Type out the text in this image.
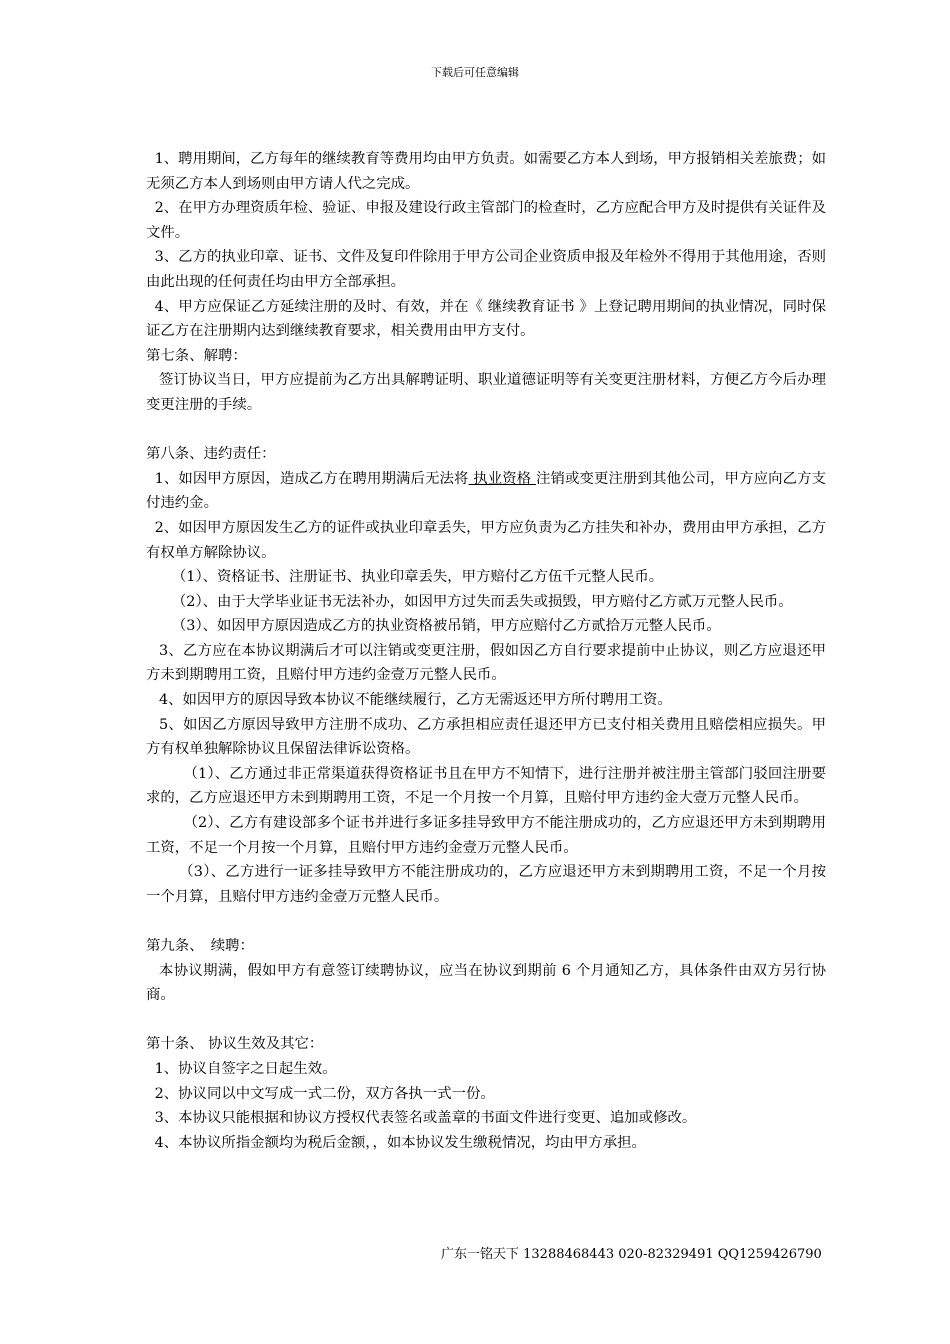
下载后可任意编辑

1、聘用期间，乙方每年的继续教育等费用均由甲方负责。如需要乙方本人到场，甲方报销相关差旅费；如无须乙方本人到场则由甲方请人代之完成。

2、在甲方办理资质年检、验证、申报及建设行政主管部门的检查时，乙方应配合甲方及时提供有关证件及文件。

3、乙方的执业印章、证书、文件及复印件除用于甲方公司企业资质申报及年检外不得用于其他用途，否则由此出现的任何责任均由甲方全部承担。

4、甲方应保证乙方延续注册的及时、有效，并在《 继续教育证书 》上登记聘用期间的执业情况，同时保证乙方在注册期内达到继续教育要求，相关费用由甲方支付。

第七条、解聘：

签订协议当日，甲方应提前为乙方出具解聘证明、职业道德证明等有关变更注册材料，方便乙方今后办理变更注册的手续。

第八条、违约责任：

1、如因甲方原因，造成乙方在聘用期满后无法将 执业资格 注销或变更注册到其他公司，甲方应向乙方支付违约金。

2、如因甲方原因发生乙方的证件或执业印章丢失，甲方应负责为乙方挂失和补办，费用由甲方承担，乙方有权单方解除协议。

（1）、资格证书、注册证书、执业印章丢失，甲方赔付乙方伍千元整人民币。

（2）、由于大学毕业证书无法补办，如因甲方过失而丢失或损毁，甲方赔付乙方贰万元整人民币。

（3）、如因甲方原因造成乙方的执业资格被吊销，甲方应赔付乙方贰拾万元整人民币。

3、乙方应在本协议期满后才可以注销或变更注册，假如因乙方自行要求提前中止协议，则乙方应退还甲方未到期聘用工资，且赔付甲方违约金壹万元整人民币。

4、如因甲方的原因导致本协议不能继续履行，乙方无需返还甲方所付聘用工资。

5、如因乙方原因导致甲方注册不成功、乙方承担相应责任退还甲方已支付相关费用且赔偿相应损失。甲方有权单独解除协议且保留法律诉讼资格。

（1）、乙方通过非正常渠道获得资格证书且在甲方不知情下，进行注册并被注册主管部门驳回注册要求的，乙方应退还甲方未到期聘用工资，不足一个月按一个月算，且赔付甲方违约金大壹万元整人民币。

（2）、乙方有建设部多个证书并进行多证多挂导致甲方不能注册成功的，乙方应退还甲方未到期聘用工资，不足一个月按一个月算，且赔付甲方违约金壹万元整人民币。

（3）、乙方进行一证多挂导致甲方不能注册成功的，乙方应退还甲方未到期聘用工资，不足一个月按一个月算，且赔付甲方违约金壹万元整人民币。

第九条、　续聘：

本协议期满，假如甲方有意签订续聘协议，应当在协议到期前 6 个月通知乙方，具体条件由双方另行协商。

第十条、 协议生效及其它：

1、协议自签字之日起生效。

2、协议同以中文写成一式二份，双方各执一式一份。

3、本协议只能根据和协议方授权代表签名或盖章的书面文件进行变更、追加或修改。

4、本协议所指金额均为税后金额，，如本协议发生缴税情况，均由甲方承担。

广东一铭天下 13288468443 020-82329491 QQ1259426790
